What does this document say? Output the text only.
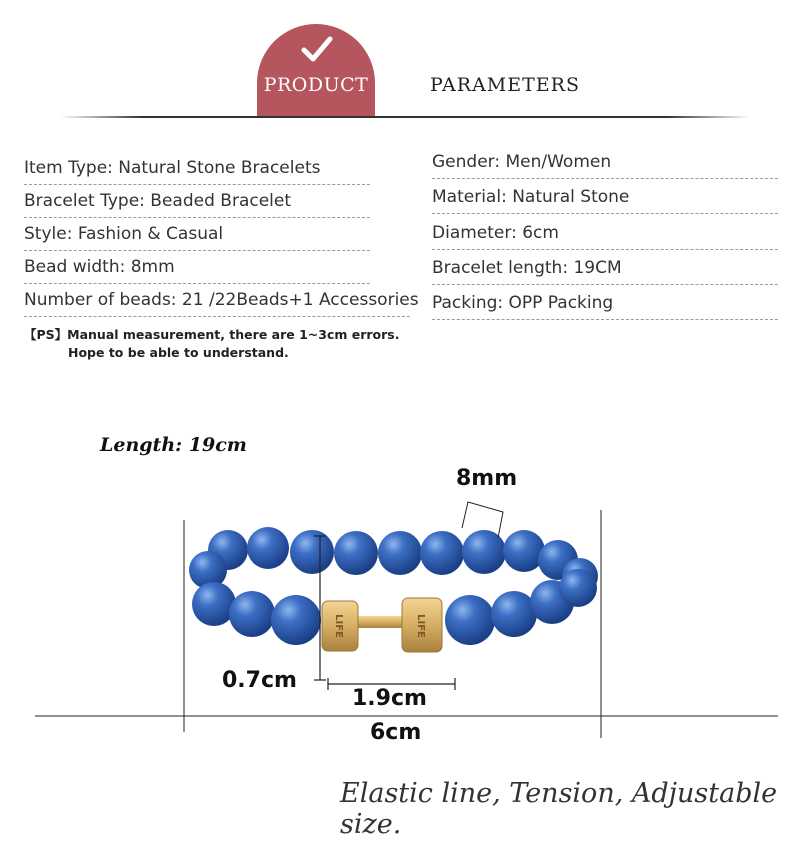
PRODUCT	PARAMETERS
Item Type: Natural Stone Bracelets
Bracelet Type: Beaded Bracelet
Style: Fashion & Casual
Bead width: 8mm
Number of beads: 21 /22Beads+1 Accessories
Gender: Men/Women
Material: Natural Stone
Diameter: 6cm
Bracelet length: 19CM
Packing: OPP Packing
【PS】Manual measurement, there are 1~3cm errors.
Hope to be able to understand.
Length: 19cm
LIFE	LIFE
8mm
0.7cm
1.9cm
6cm
Elastic line, Tension, Adjustable size.
